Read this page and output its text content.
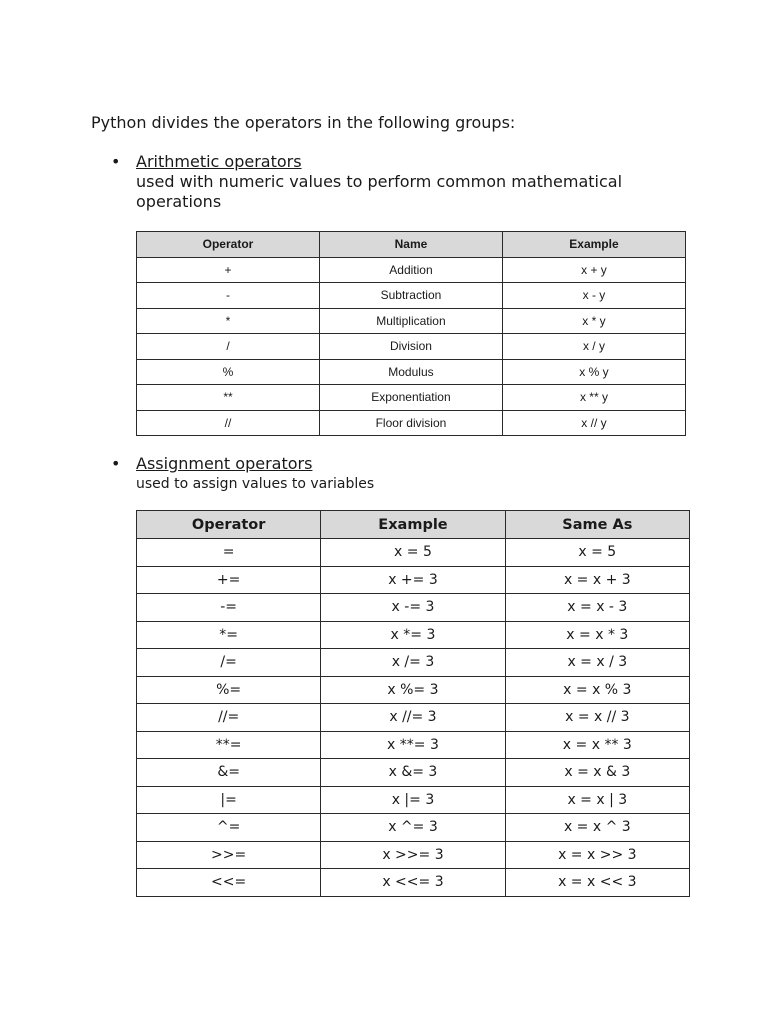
Python divides the operators in the following groups:

• Arithmetic operators
used with numeric values to perform common mathematical operations
Operator	Name	Example
+	Addition	x + y
-	Subtraction	x - y
*	Multiplication	x * y
/	Division	x / y
%	Modulus	x % y
**	Exponentiation	x ** y
//	Floor division	x // y
• Assignment operators
used to assign values to variables
Operator	Example	Same As
=	x = 5	x = 5
+=	x += 3	x = x + 3
-=	x -= 3	x = x - 3
*=	x *= 3	x = x * 3
/=	x /= 3	x = x / 3
%=	x %= 3	x = x % 3
//=	x //= 3	x = x // 3
**=	x **= 3	x = x ** 3
&=	x &= 3	x = x & 3
|=	x |= 3	x = x | 3
^=	x ^= 3	x = x ^ 3
>>=	x >>= 3	x = x >> 3
<<=	x <<= 3	x = x << 3
